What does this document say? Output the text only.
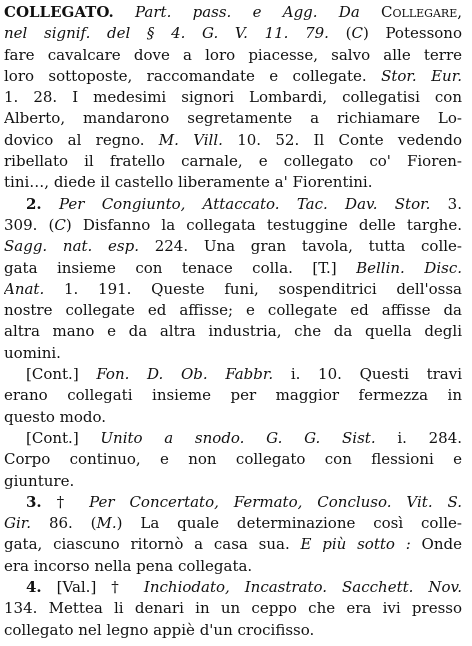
COLLEGATO. Part. pass. e Agg. Da Collegare,
nel signif. del § 4. G. V. 11. 79. (C) Potessono
fare cavalcare dove a loro piacesse, salvo alle terre
loro sottoposte, raccomandate e collegate. Stor. Eur.
1. 28. I medesimi signori Lombardi, collegatisi con
Alberto, mandarono segretamente a richiamare Lo-
dovico al regno. M. Vill. 10. 52. Il Conte vedendo
ribellato il fratello carnale, e collegato co' Fioren-
tini…, diede il castello liberamente a' Fiorentini.
2. Per Congiunto, Attaccato. Tac. Dav. Stor. 3.
309. (C) Disfanno la collegata testuggine delle targhe.
Sagg. nat. esp. 224. Una gran tavola, tutta colle-
gata insieme con tenace colla. [T.] Bellin. Disc.
Anat. 1. 191. Queste funi, sospenditrici dell'ossa
nostre collegate ed affisse; e collegate ed affisse da
altra mano e da altra industria, che da quella degli
uomini.
[Cont.] Fon. D. Ob. Fabbr. i. 10. Questi travi
erano collegati insieme per maggior fermezza in
questo modo.
[Cont.] Unito a snodo. G. G. Sist. i. 284.
Corpo continuo, e non collegato con flessioni e
giunture.
3. † Per Concertato, Fermato, Concluso. Vit. S.
Gir. 86. (M.) La quale determinazione così colle-
gata, ciascuno ritornò a casa sua. E più sotto : Onde
era incorso nella pena collegata.
4. [Val.] † Inchiodato, Incastrato. Sacchett. Nov.
134. Mettea li denari in un ceppo che era ivi presso
collegato nel legno appiè d'un crocifisso.
